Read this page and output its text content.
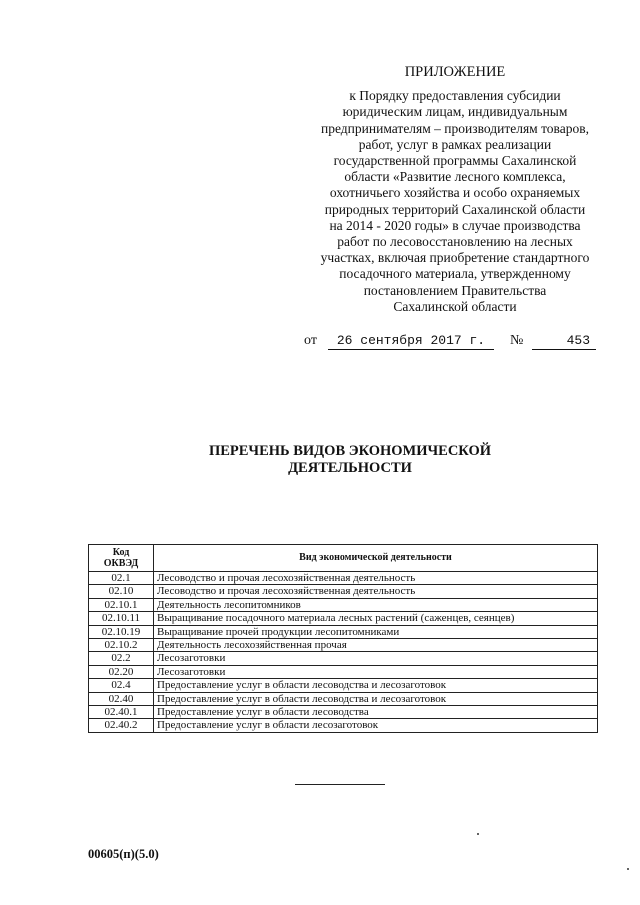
ПРИЛОЖЕНИЕ
к Порядку предоставления субсидии
юридическим лицам, индивидуальным
предпринимателям – производителям товаров,
работ, услуг в рамках реализации
государственной программы Сахалинской
области «Развитие лесного комплекса,
охотничьего хозяйства и особо охраняемых
природных территорий Сахалинской области
на 2014 - 2020 годы» в случае производства
работ по лесовосстановлению на лесных
участках, включая приобретение стандартного
посадочного материала, утвержденному
постановлением Правительства
Сахалинской области
от	26 сентября 2017 г.	№	453
ПЕРЕЧЕНЬ ВИДОВ ЭКОНОМИЧЕСКОЙ
ДЕЯТЕЛЬНОСТИ
Код
ОКВЭД	Вид экономической деятельности
02.1	Лесоводство и прочая лесохозяйственная деятельность
02.10	Лесоводство и прочая лесохозяйственная деятельность
02.10.1	Деятельность лесопитомников
02.10.11	Выращивание посадочного материала лесных растений (саженцев, сеянцев)
02.10.19	Выращивание прочей продукции лесопитомниками
02.10.2	Деятельность лесохозяйственная прочая
02.2	Лесозаготовки
02.20	Лесозаготовки
02.4	Предоставление услуг в области лесоводства и лесозаготовок
02.40	Предоставление услуг в области лесоводства и лесозаготовок
02.40.1	Предоставление услуг в области лесоводства
02.40.2	Предоставление услуг в области лесозаготовок
00605(п)(5.0)
